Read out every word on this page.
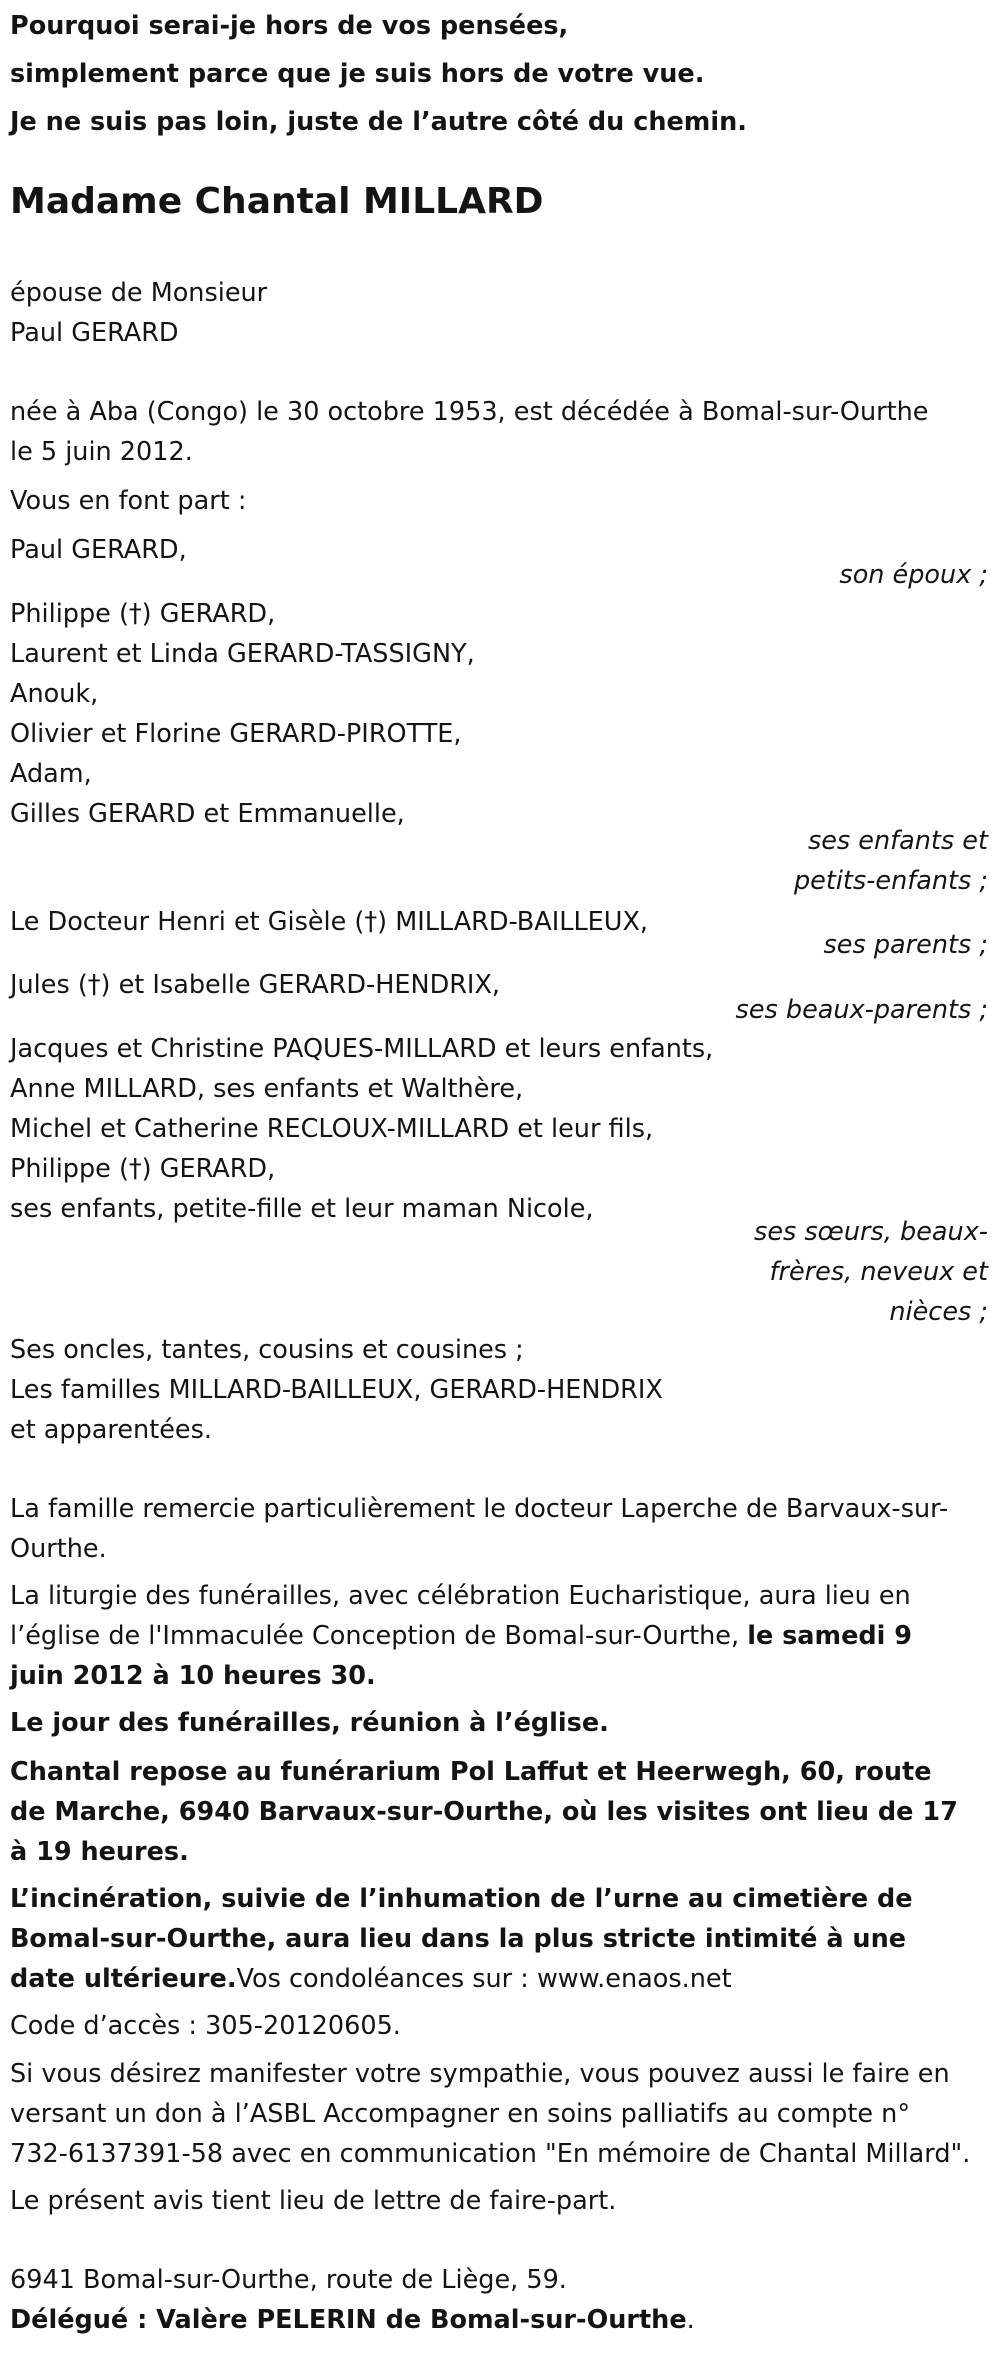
Pourquoi serai-je hors de vos pensées,
simplement parce que je suis hors de votre vue.
Je ne suis pas loin, juste de l’autre côté du chemin.
Madame Chantal MILLARD
épouse de Monsieur
Paul GERARD
née à Aba (Congo) le 30 octobre 1953, est décédée à Bomal-sur-Ourthe
le 5 juin 2012.
Vous en font part :
Paul GERARD,
son époux ;
Philippe (†) GERARD,
Laurent et Linda GERARD-TASSIGNY,
Anouk,
Olivier et Florine GERARD-PIROTTE,
Adam,
Gilles GERARD et Emmanuelle,
ses enfants et
petits-enfants ;
Le Docteur Henri et Gisèle (†) MILLARD-BAILLEUX,
ses parents ;
Jules (†) et Isabelle GERARD-HENDRIX,
ses beaux-parents ;
Jacques et Christine PAQUES-MILLARD et leurs enfants,
Anne MILLARD, ses enfants et Walthère,
Michel et Catherine RECLOUX-MILLARD et leur fils,
Philippe (†) GERARD,
ses enfants, petite-fille et leur maman Nicole,
ses sœurs, beaux-
frères, neveux et
nièces ;
Ses oncles, tantes, cousins et cousines ;
Les familles MILLARD-BAILLEUX, GERARD-HENDRIX
et apparentées.
La famille remercie particulièrement le docteur Laperche de Barvaux-sur-Ourthe.
La liturgie des funérailles, avec célébration Eucharistique, aura lieu en l’église de l'Immaculée Conception de Bomal-sur-Ourthe, le samedi 9 juin 2012 à 10 heures 30.
Le jour des funérailles, réunion à l’église.
Chantal repose au funérarium Pol Laffut et Heerwegh, 60, route de Marche, 6940 Barvaux-sur-Ourthe, où les visites ont lieu de 17 à 19 heures.
L’incinération, suivie de l’inhumation de l’urne au cimetière de Bomal-sur-Ourthe, aura lieu dans la plus stricte intimité à une date ultérieure.Vos condoléances sur : www.enaos.net
Code d’accès : 305-20120605.
Si vous désirez manifester votre sympathie, vous pouvez aussi le faire en versant un don à l’ASBL Accompagner en soins palliatifs au compte n° 732-6137391-58 avec en communication "En mémoire de Chantal Millard".
Le présent avis tient lieu de lettre de faire-part.
6941 Bomal-sur-Ourthe, route de Liège, 59.
Délégué : Valère PELERIN de Bomal-sur-Ourthe.
